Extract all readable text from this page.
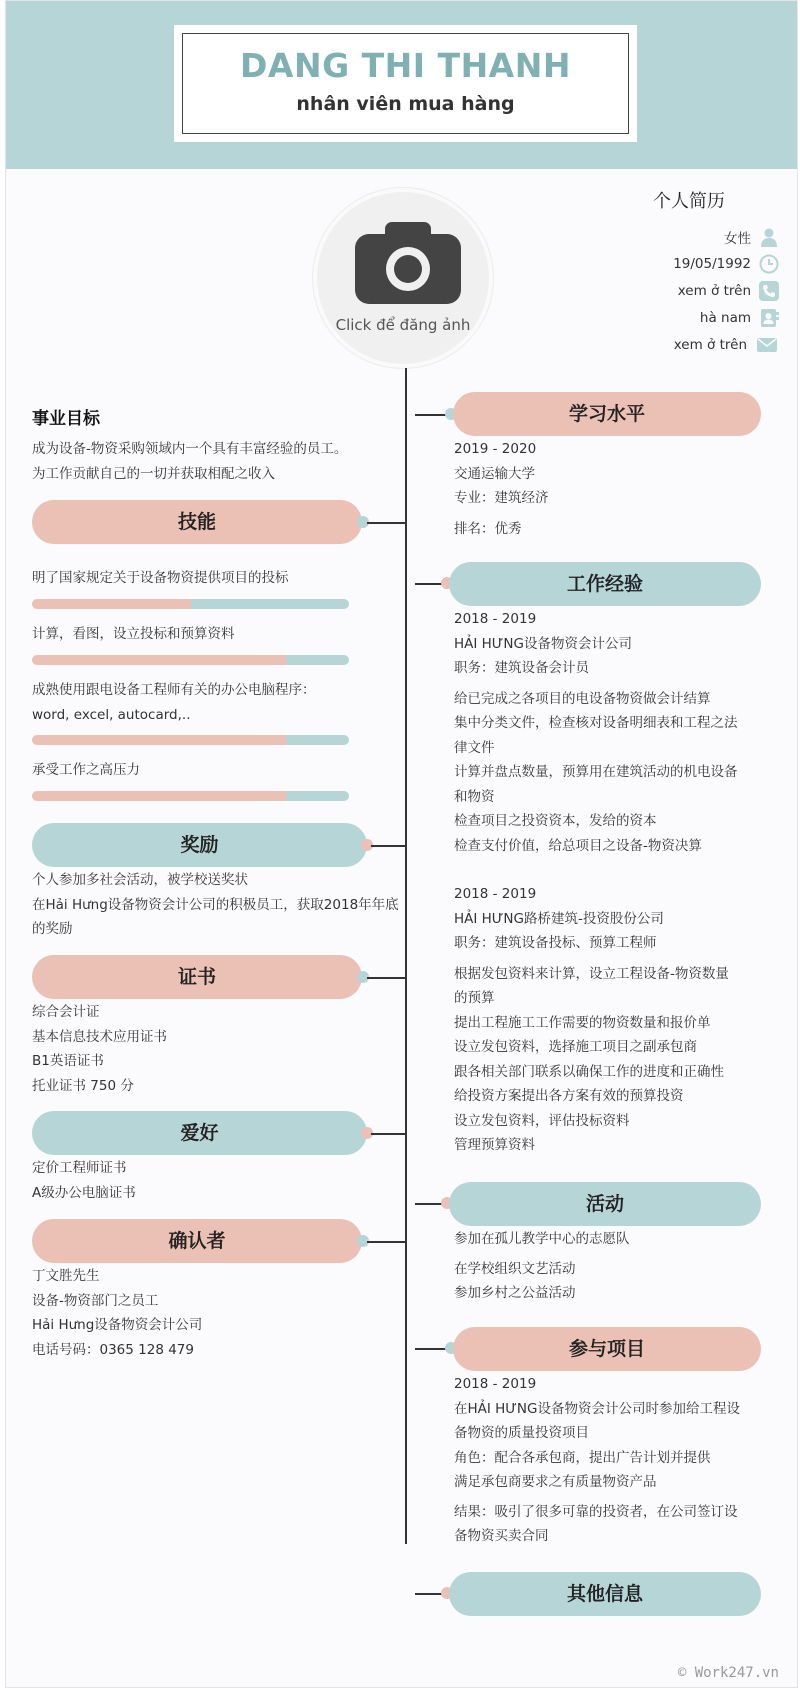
DANG THI THANH
nhân viên mua hàng
Click để đăng ảnh
个人简历
女性
19/05/1992
xem ở trên
hà nam
xem ở trên
事业目标
成为设备-物资采购领域内一个具有丰富经验的员工。
为工作贡献自己的一切并获取相配之收入
技能
明了国家规定关于设备物资提供项目的投标
计算，看图，设立投标和预算资料
成熟使用跟电设备工程师有关的办公电脑程序：
word, excel, autocard,..
承受工作之高压力
奖励
个人参加多社会活动，被学校送奖状
在Hải Hưng设备物资会计公司的积极员工，获取2018年年底
的奖励
证书
综合会计证
基本信息技术应用证书
B1英语证书
托业证书 750 分
爱好
定价工程师证书
A级办公电脑证书
确认者
丁文胜先生
设备-物资部门之员工
Hải Hưng设备物资会计公司
电话号码：0365 128 479
学习水平
2019 - 2020
交通运输大学
专业：建筑经济
排名：优秀
工作经验
2018 - 2019
HẢI HƯNG设备物资会计公司
职务：建筑设备会计员
给已完成之各项目的电设备物资做会计结算
集中分类文件，检查核对设备明细表和工程之法
律文件
计算并盘点数量，预算用在建筑活动的机电设备
和物资
检查项目之投资资本，发给的资本
检查支付价值，给总项目之设备-物资决算
2018 - 2019
HẢI HƯNG路桥建筑-投资股份公司
职务：建筑设备投标、预算工程师
根据发包资料来计算，设立工程设备-物资数量
的预算
提出工程施工工作需要的物资数量和报价单
设立发包资料，选择施工项目之副承包商
跟各相关部门联系以确保工作的进度和正确性
给投资方案提出各方案有效的预算投资
设立发包资料，评估投标资料
管理预算资料
活动
参加在孤儿教学中心的志愿队
在学校组织文艺活动
参加乡村之公益活动
参与项目
2018 - 2019
在HẢI HƯNG设备物资会计公司时参加给工程设
备物资的质量投资项目
角色：配合各承包商，提出广告计划并提供
满足承包商要求之有质量物资产品
结果：吸引了很多可靠的投资者，在公司签订设
备物资买卖合同
其他信息
© Work247.vn
